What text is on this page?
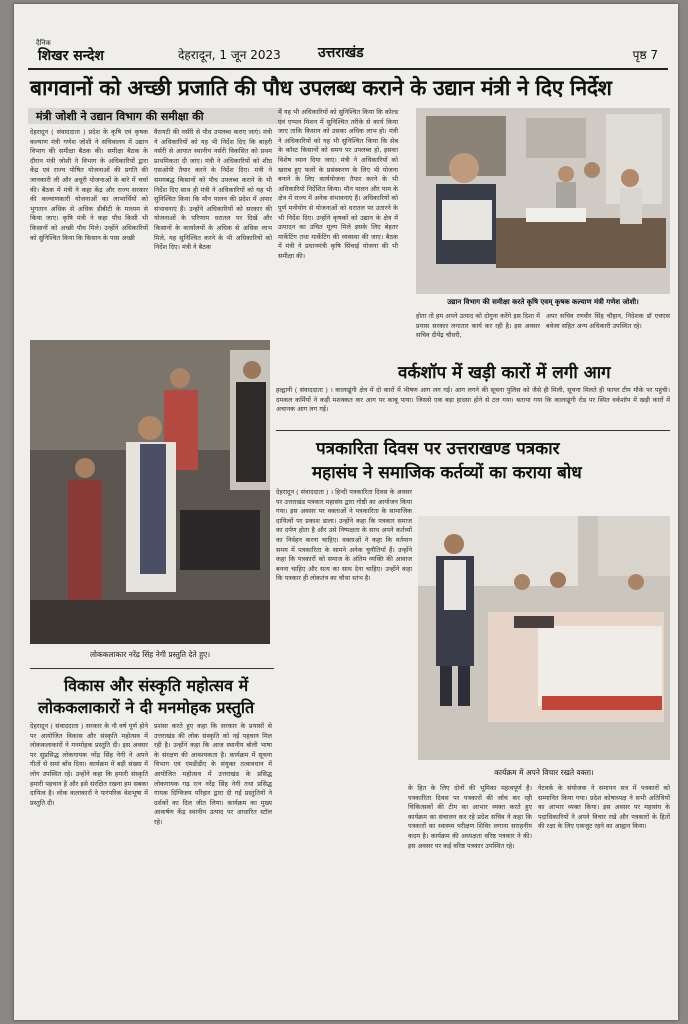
दैनिक
शिखर सन्देश	देहरादून, 1 जून 2023	उत्तराखंड	पृष्ठ 7
बागवानों को अच्छी प्रजाति की पौध उपलब्ध कराने के उद्यान मंत्री ने दिए निर्देश
मंत्री जोशी ने उद्यान विभाग की समीक्षा की
देहरादून ( संवाददाता ) प्रदेश के कृषि एवं कृषक कल्याण मंत्री गणेश जोशी ने सचिवालय में उद्यान विभाग की समीक्षा बैठक की। समीक्षा बैठक के दौरान मंत्री जोशी ने विभाग के अधिकारियों द्वारा केंद्र एवं राज्य पोषित योजनाओं की प्रगति की जानकारी ली और अधूरी योजनाओं के बारे में चर्चा की। बैठक में मंत्री ने कहा केंद्र और राज्य सरकार की कल्याणकारी योजनाओं का लाभार्थियों को भुगतान अधिक से अधिक डीबीटी के माध्यम से किया जाए। कृषि मंत्री ने कहा पौध किसी भी किसानों को अच्छी पौध मिले। उन्होंने अधिकारियों को सुनिश्चित किया कि किसान के पास अच्छी
वैरायटी की नर्सरी से पौध उपलब्ध कराए जाएं। मंत्री ने अधिकारियों को यह भी निर्देश दिए कि बाहरी नर्सरी से आयात स्थानीय नर्सरी विकसित को प्रथम प्राथमिकता दी जाए। मंत्री ने अधिकारियों को शीघ्र एसओपी तैयार करने के निर्देश दिए। मंत्री ने समयबद्ध किसानों को पौध उपलब्ध कराने के भी निर्देश दिए साथ ही मंत्री ने अधिकारियों को यह भी सुनिश्चित किया कि मौन पालन की प्रदेश में अपार संभावनाएं हैं। उन्होंने अधिकारियों को सरकार की योजनाओं के परिणाम धरातल पर दिखें और किसानों के कार्यालयों के अधिक से अधिक लाभ मिले, यह सुनिश्चित करने के भी अधिकारियों को निर्देश दिए। मंत्री ने बैठक
में यह भी अधिकारियों को सुनिश्चित किया कि कोल्ड एवं एप्पल मिशन में सुनिश्चित तरीके से कार्य किया जाए ताकि किसान को उसका अधिक लाभ हो। मंत्री ने अधिकारियों को यह भी सुनिश्चित किया कि सेब के कॉस्ट किसानों को समय पर उपलब्ध हो, इसका विशेष ध्यान दिया जाए। मंत्री ने अधिकारियों को खराब हुए फलों के प्रसंस्करण के लिए भी योजना बनाने के लिए कार्ययोजना तैयार करने के भी अधिकारियों निर्देशित किया। मौन पालन और पाम के क्षेत्र में राज्य में अनेक संभावनाएं हैं। अधिकारियों को पूर्ण मनोयोग से योजनाओं को धरातल पर उतारने के भी निर्देश दिए। उन्होंने कृषकों को उद्यान के क्षेत्र में उत्पादन का उचित मूल्य मिले इसके लिए बेहतर मार्केटिंग तथा मार्केटिंग की व्यवस्था की जाए। बैठक में मंत्री ने प्रधानमंत्री कृषि सिंचाई योजना की भी समीक्षा की।
उद्यान विभाग की समीक्षा करते कृषि एवम् कृषक कल्याण मंत्री गणेश जोशी।
होता तो हम अपने उत्पाद को दोगुना करेंगे इस दिशा में प्रयास सरकार लगातार कार्य कर रही है। इस अवसर सचिव दीपेंद्र चौधरी,
अपर सचिव रणवीर सिंह चौहान, निदेशक डॉ एचएस बवेजा सहित अन्य अधिकारी उपस्थित रहे।
लोककलाकार नरेंद्र सिंह नेगी प्रस्तुति देते हुए।
वर्कशॉप में खड़ी कारों में लगी आग
हल्द्वानी ( संवाददाता ) । कालाढूंगी क्षेत्र में दो कारों में भीषण आग लग गई। आग लगने की सूचना पुलिस को जैसे ही मिली, सूचना मिलते ही फायर टीम मौके पर पहुंची। दमकल कर्मियों ने कड़ी मशक्कत कर आग पर काबू पाया। जिससे एक बड़ा हादसा होने से टल गया। बताया गया कि कालाढूंगी रोड पर स्थित वर्कशॉप में खड़ी कारों में अचानक आग लग गई।
पत्रकारिता दिवस पर उत्तराखण्ड पत्रकार
महासंघ ने समाजिक कर्तव्यों का कराया बोध
देहरादून ( संवाददाता ) । हिन्दी पत्रकारिता दिवस के अवसर पर उत्तराखंड पत्रकार महासंघ द्वारा गोष्ठी का आयोजन किया गया। इस अवसर पर वक्ताओं ने पत्रकारिता के सामाजिक दायित्वों पर प्रकाश डाला। उन्होंने कहा कि पत्रकार समाज का दर्पण होता है और उसे निष्पक्षता के साथ अपने कर्तव्यों का निर्वहन करना चाहिए। वक्ताओं ने कहा कि वर्तमान समय में पत्रकारिता के सामने अनेक चुनौतियाँ हैं। उन्होंने कहा कि पत्रकारों को समाज के अंतिम व्यक्ति की आवाज बनना चाहिए और सत्य का साथ देना चाहिए। उन्होंने कहा कि पत्रकार ही लोकतंत्र का चौथा स्तंभ है।
कार्यक्रम में अपने विचार रखते वक्ता।
के हित के लिए दोनों की भूमिका महत्वपूर्ण है। पत्रकारिता दिवस पर पत्रकारों की जाँच कर रही चिकित्सकों की टीम का आभार व्यक्त करते हुए कार्यक्रम का संचालन कर रहे प्रदेश सचिव ने कहा कि पत्रकारों का स्वास्थ्य परीक्षण शिविर लगाना सराहनीय कदम है। कार्यक्रम की अध्यक्षता वरिष्ठ पत्रकार ने की। इस अवसर पर कई वरिष्ठ पत्रकार उपस्थित रहे।
नेटवर्क के संयोजक ने समापन सत्र में पत्रकारों को सम्मानित किया गया। प्रदेश कोषाध्यक्ष ने सभी अतिथियों का आभार व्यक्त किया। इस अवसर पर महासंघ के पदाधिकारियों ने अपने विचार रखे और पत्रकारों के हितों की रक्षा के लिए एकजुट रहने का आह्वान किया।
विकास और संस्कृति महोत्सव में
लोककलाकारों ने दी मनमोहक प्रस्तुति
देहरादून ( संवाददाता ) सरकार के नौ वर्ष पूर्ण होने पर आयोजित विकास और संस्कृति महोत्सव में लोककलाकारों ने मनमोहक प्रस्तुति दी। इस अवसर पर सुप्रसिद्ध लोकगायक नरेंद्र सिंह नेगी ने अपने गीतों से समां बाँध दिया। कार्यक्रम में बड़ी संख्या में लोग उपस्थित रहे। उन्होंने कहा कि हमारी संस्कृति हमारी पहचान है और इसे संरक्षित रखना हम सबका दायित्व है। लोक कलाकारों ने पारंपरिक वेशभूषा में प्रस्तुति दी।
प्रशंसा करते हुए कहा कि सरकार के प्रयासों से उत्तराखंड की लोक संस्कृति को नई पहचान मिल रही है। उन्होंने कहा कि आज स्थानीय बोली भाषा के संरक्षण की आवश्यकता है। कार्यक्रम में सूचना विभाग एवं एमडीडीए के संयुक्त तत्वावधान में आयोजित महोत्सव में उत्तराखंड के प्रसिद्ध लोकगायक गढ़ रत्न नरेंद्र सिंह नेगी तथा प्रसिद्ध गायक दिग्विजय परिहार द्वारा दी गई प्रस्तुतियों ने दर्शकों का दिल जीत लिया। कार्यक्रम का मुख्य आकर्षण केंद्र स्थानीय उत्पाद पर आधारित स्टॉल रहे।
